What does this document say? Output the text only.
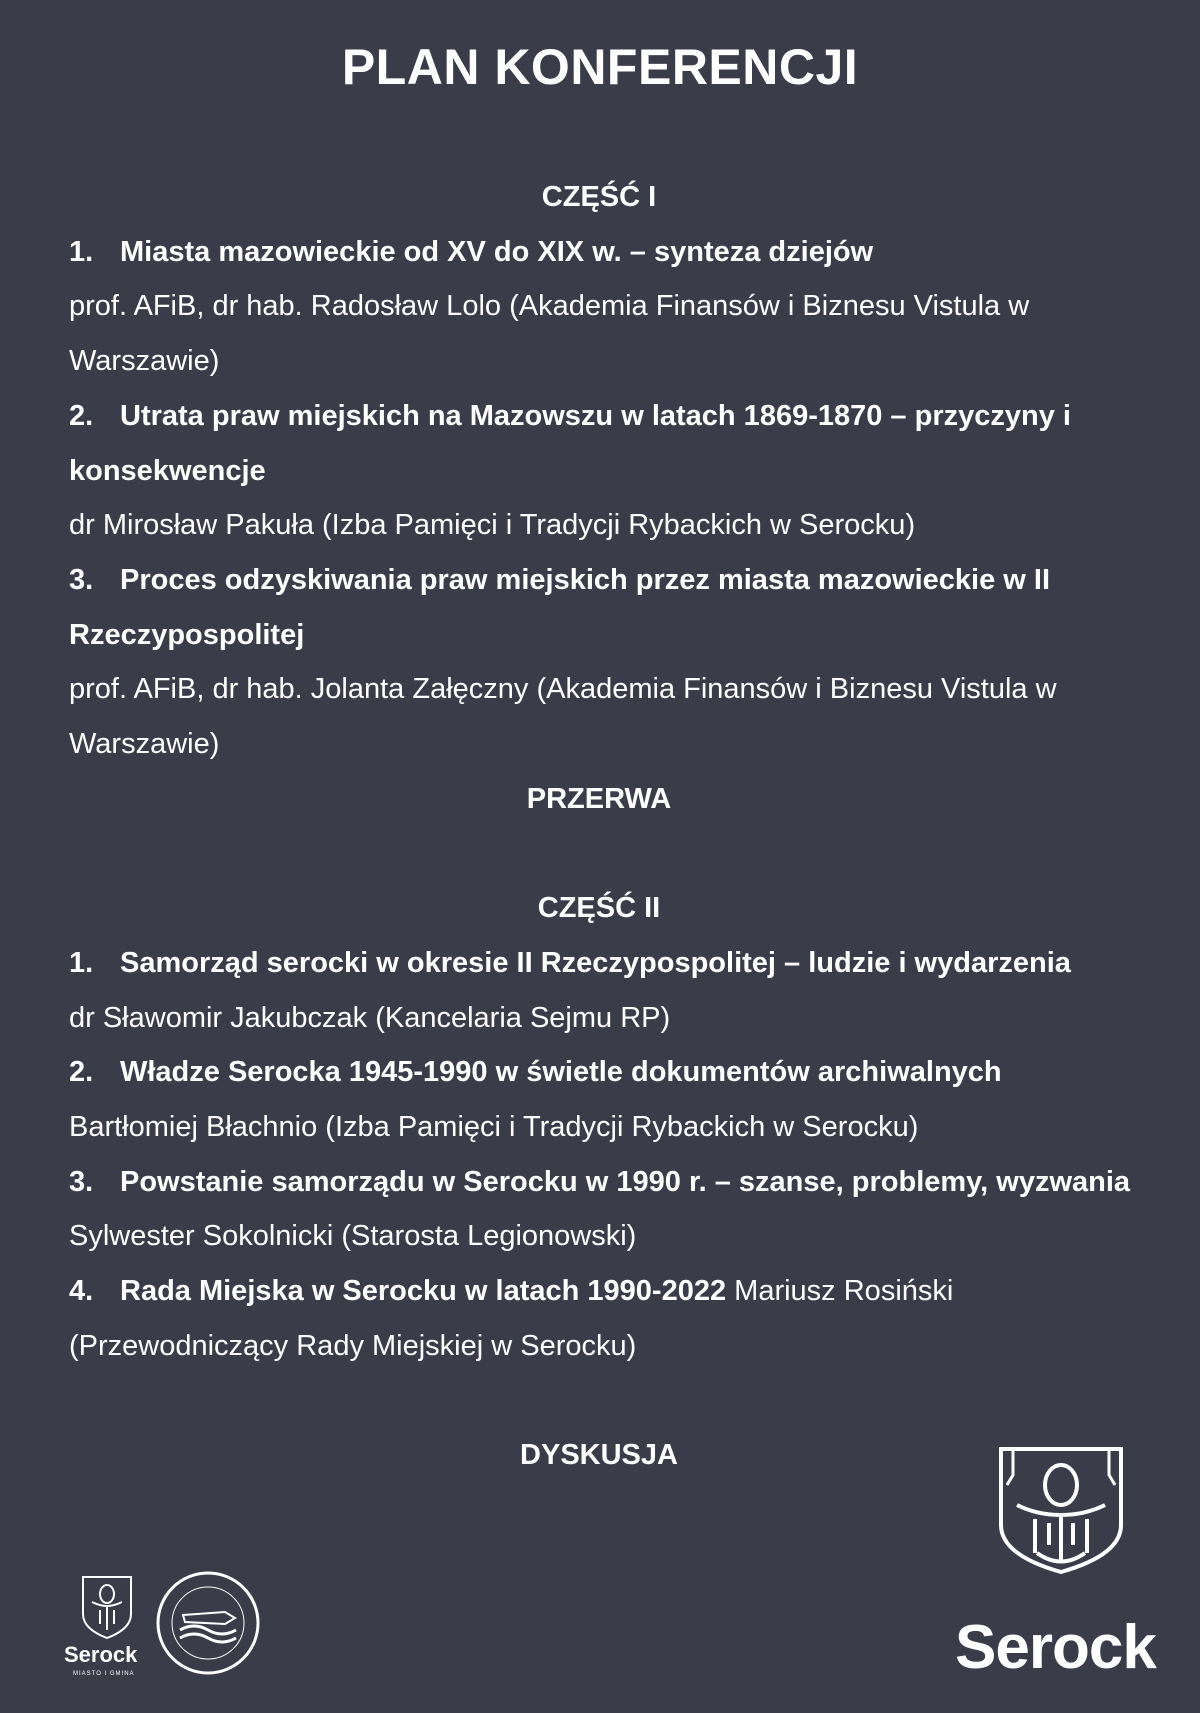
PLAN KONFERENCJI
CZĘŚĆ I
1. Miasta mazowieckie od XV do XIX w. – synteza dziejów
prof. AFiB, dr hab. Radosław Lolo (Akademia Finansów i Biznesu Vistula w Warszawie)
2. Utrata praw miejskich na Mazowszu w latach 1869-1870 – przyczyny i konsekwencje
dr Mirosław Pakuła (Izba Pamięci i Tradycji Rybackich w Serocku)
3. Proces odzyskiwania praw miejskich przez miasta mazowieckie w II Rzeczypospolitej
prof. AFiB, dr hab. Jolanta Załęczny (Akademia Finansów i Biznesu Vistula w Warszawie)
PRZERWA
CZĘŚĆ II
1. Samorząd serocki w okresie II Rzeczypospolitej – ludzie i wydarzenia
dr Sławomir Jakubczak (Kancelaria Sejmu RP)
2. Władze Serocka 1945-1990 w świetle dokumentów archiwalnych
Bartłomiej Błachnio (Izba Pamięci i Tradycji Rybackich w Serocku)
3. Powstanie samorządu w Serocku w 1990 r. – szanse, problemy, wyzwania
Sylwester Sokolnicki (Starosta Legionowski)
4. Rada Miejska w Serocku w latach 1990-2022 Mariusz Rosiński (Przewodniczący Rady Miejskiej w Serocku)
DYSKUSJA
Serock
MIASTO I GMINA	Serock
